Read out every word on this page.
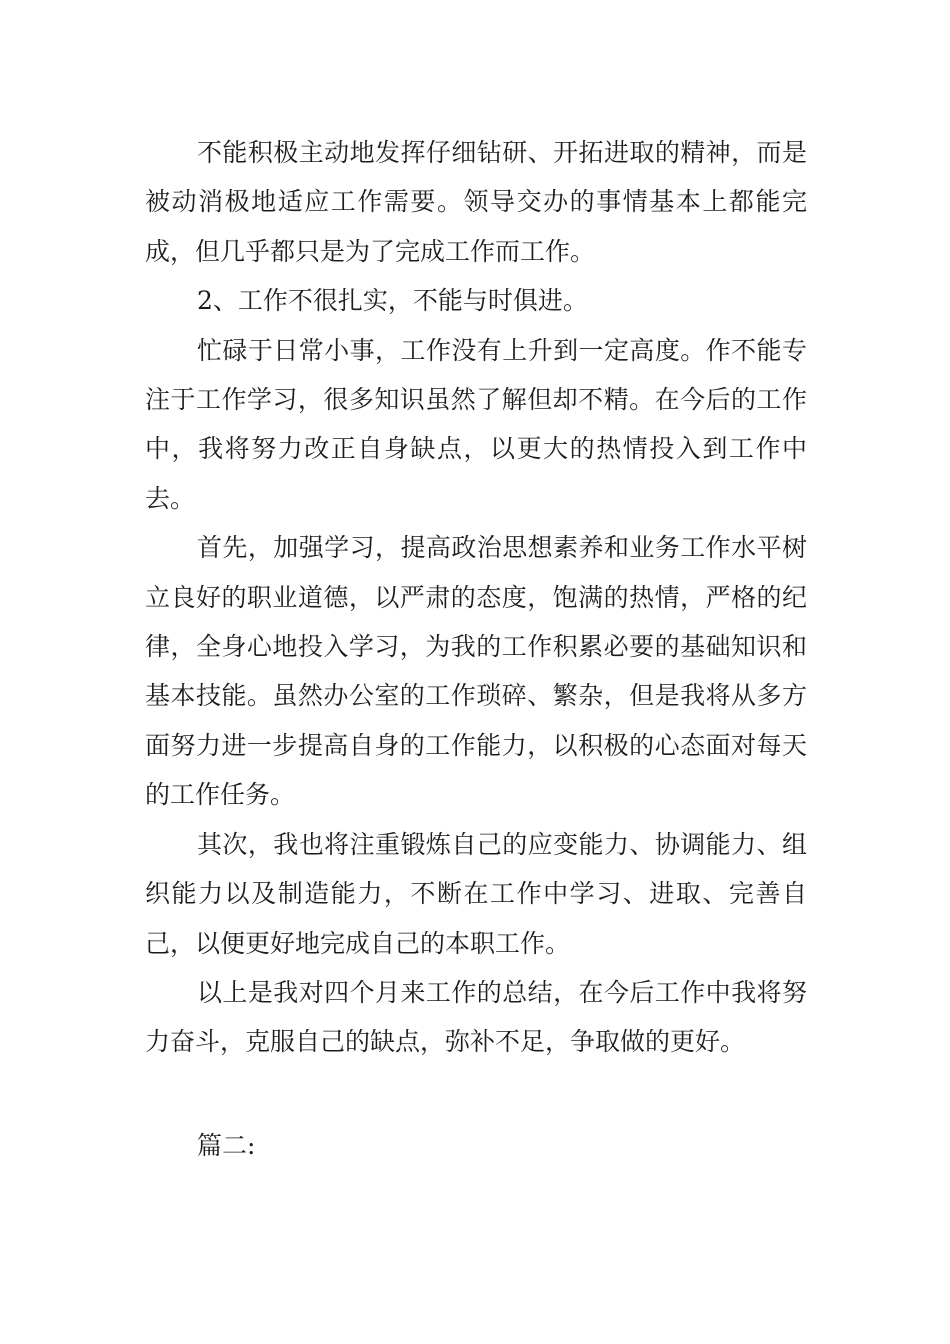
不能积极主动地发挥仔细钻研、开拓进取的精神，而是被动消极地适应工作需要。领导交办的事情基本上都能完成，但几乎都只是为了完成工作而工作。

2、工作不很扎实，不能与时俱进。

忙碌于日常小事，工作没有上升到一定高度。作不能专注于工作学习，很多知识虽然了解但却不精。在今后的工作中，我将努力改正自身缺点，以更大的热情投入到工作中去。

首先，加强学习，提高政治思想素养和业务工作水平树立良好的职业道德，以严肃的态度，饱满的热情，严格的纪律，全身心地投入学习，为我的工作积累必要的基础知识和基本技能。虽然办公室的工作琐碎、繁杂，但是我将从多方面努力进一步提高自身的工作能力，以积极的心态面对每天的工作任务。

其次，我也将注重锻炼自己的应变能力、协调能力、组织能力以及制造能力，不断在工作中学习、进取、完善自己，以便更好地完成自己的本职工作。

以上是我对四个月来工作的总结，在今后工作中我将努力奋斗，克服自己的缺点，弥补不足，争取做的更好。

篇二:
